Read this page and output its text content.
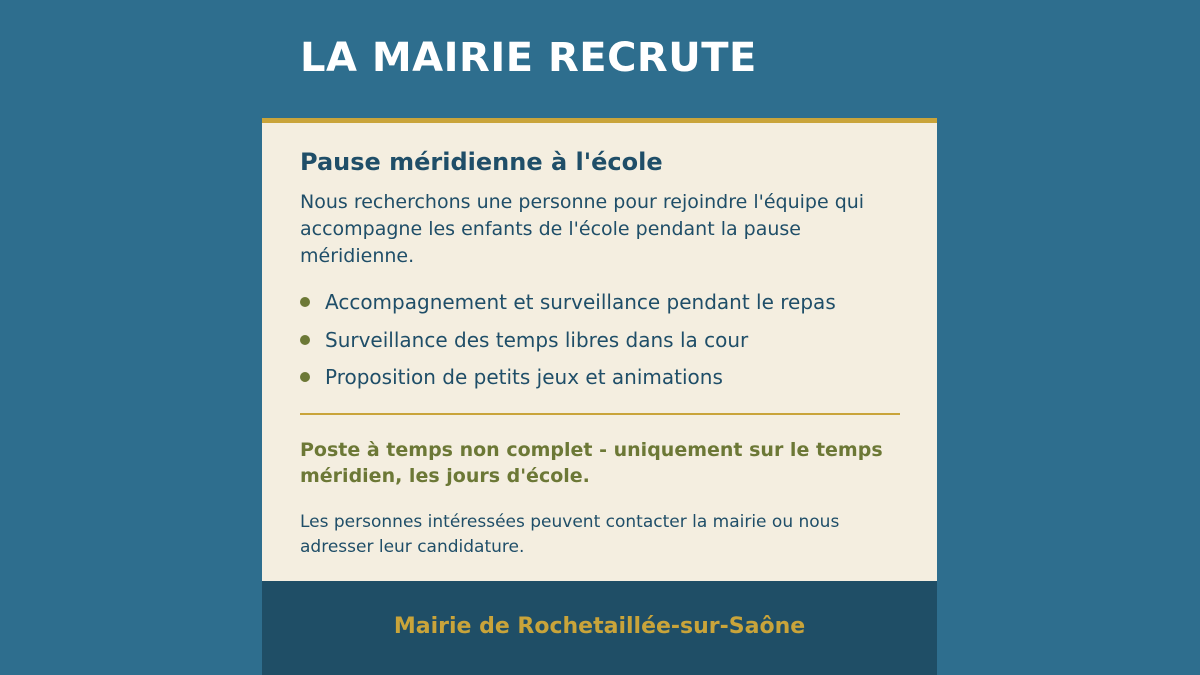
LA MAIRIE RECRUTE
Pause méridienne à l'école

Nous recherchons une personne pour rejoindre l'équipe qui accompagne les enfants de l'école pendant la pause méridienne.

Accompagnement et surveillance pendant le repas
Surveillance des temps libres dans la cour
Proposition de petits jeux et animations

Poste à temps non complet - uniquement sur le temps méridien, les jours d'école.

Les personnes intéressées peuvent contacter la mairie ou nous adresser leur candidature.

Mairie de Rochetaillée-sur-Saône
